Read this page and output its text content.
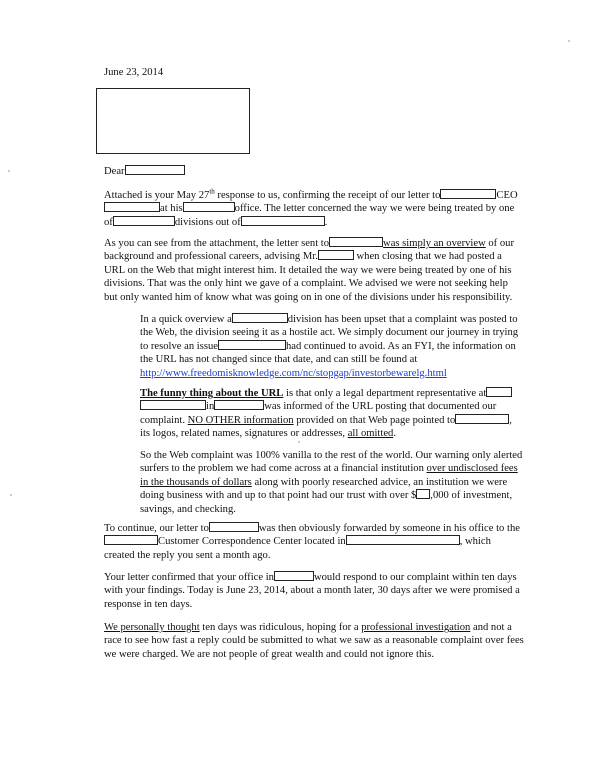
June 23, 2014
Dear
Attached is your May 27th response to us, confirming the receipt of our letter to	CEO at his	office. The letter concerned the way we were being treated by one of	divisions out of	.
As you can see from the attachment, the letter sent to	was simply an overview of our background and professional careers, advising Mr.	when closing that we had posted a URL on the Web that might interest him. It detailed the way we were being treated by one of his divisions. That was the only hint we gave of a complaint. We advised we were not seeking help but only wanted him of know what was going on in one of the divisions under his responsibility.
In a quick overview a	division has been upset that a complaint was posted to the Web, the division seeing it as a hostile act. We simply document our journey in trying to resolve an issue	had continued to avoid. As an FYI, the information on the URL has not changed since that date, and can still be found at http://www.freedomisknowledge.com/nc/stopgap/investorbewarelg.html
The funny thing about the URL is that only a legal department representative at in	was informed of the URL posting that documented our complaint. NO OTHER information provided on that Web page pointed to	, its logos, related names, signatures or addresses, all omitted.
So the Web complaint was 100% vanilla to the rest of the world. Our warning only alerted surfers to the problem we had come across at a financial institution over undisclosed fees in the thousands of dollars along with poorly researched advice, an institution we were doing business with and up to that point had our trust with over $ ,000 of investment, savings, and checking.
To continue, our letter to	was then obviously forwarded by someone in his office to theCustomer Correspondence Center located in	, which created the reply you sent a month ago.
Your letter confirmed that your office in	would respond to our complaint within ten days with your findings. Today is June 23, 2014, about a month later, 30 days after we were promised a response in ten days.
We personally thought ten days was ridiculous, hoping for a professional investigation and not a race to see how fast a reply could be submitted to what we saw as a reasonable complaint over fees we were charged. We are not people of great wealth and could not ignore this.
